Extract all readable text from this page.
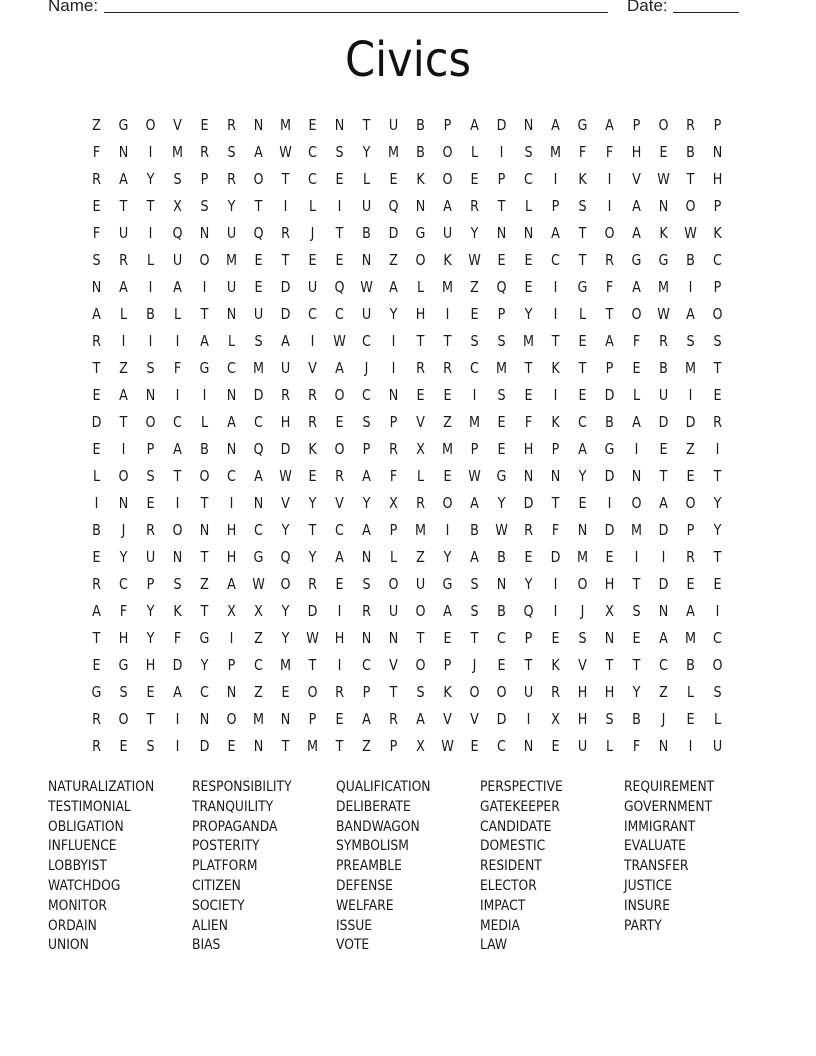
Name:	Date:
Civics
Z	G	O	V	E	R	N	M	E	N	T	U	B	P	A	D	N	A	G	A	P	O	R	P
F	N	I	M	R	S	A	W	C	S	Y	M	B	O	L	I	S	M	F	F	H	E	B	N
R	A	Y	S	P	R	O	T	C	E	L	E	K	O	E	P	C	I	K	I	V	W	T	H
E	T	T	X	S	Y	T	I	L	I	U	Q	N	A	R	T	L	P	S	I	A	N	O	P
F	U	I	Q	N	U	Q	R	J	T	B	D	G	U	Y	N	N	A	T	O	A	K	W	K
S	R	L	U	O	M	E	T	E	E	N	Z	O	K	W	E	E	C	T	R	G	G	B	C
N	A	I	A	I	U	E	D	U	Q	W	A	L	M	Z	Q	E	I	G	F	A	M	I	P
A	L	B	L	T	N	U	D	C	C	U	Y	H	I	E	P	Y	I	L	T	O	W	A	O
R	I	I	I	A	L	S	A	I	W	C	I	T	T	S	S	M	T	E	A	F	R	S	S
T	Z	S	F	G	C	M	U	V	A	J	I	R	R	C	M	T	K	T	P	E	B	M	T
E	A	N	I	I	N	D	R	R	O	C	N	E	E	I	S	E	I	E	D	L	U	I	E
D	T	O	C	L	A	C	H	R	E	S	P	V	Z	M	E	F	K	C	B	A	D	D	R
E	I	P	A	B	N	Q	D	K	O	P	R	X	M	P	E	H	P	A	G	I	E	Z	I
L	O	S	T	O	C	A	W	E	R	A	F	L	E	W	G	N	N	Y	D	N	T	E	T
I	N	E	I	T	I	N	V	Y	V	Y	X	R	O	A	Y	D	T	E	I	O	A	O	Y
B	J	R	O	N	H	C	Y	T	C	A	P	M	I	B	W	R	F	N	D	M	D	P	Y
E	Y	U	N	T	H	G	Q	Y	A	N	L	Z	Y	A	B	E	D	M	E	I	I	R	T
R	C	P	S	Z	A	W	O	R	E	S	O	U	G	S	N	Y	I	O	H	T	D	E	E
A	F	Y	K	T	X	X	Y	D	I	R	U	O	A	S	B	Q	I	J	X	S	N	A	I
T	H	Y	F	G	I	Z	Y	W	H	N	N	T	E	T	C	P	E	S	N	E	A	M	C
E	G	H	D	Y	P	C	M	T	I	C	V	O	P	J	E	T	K	V	T	T	C	B	O
G	S	E	A	C	N	Z	E	O	R	P	T	S	K	O	O	U	R	H	H	Y	Z	L	S
R	O	T	I	N	O	M	N	P	E	A	R	A	V	V	D	I	X	H	S	B	J	E	L
R	E	S	I	D	E	N	T	M	T	Z	P	X	W	E	C	N	E	U	L	F	N	I	U
NATURALIZATION
TESTIMONIAL
OBLIGATION
INFLUENCE
LOBBYIST
WATCHDOG
MONITOR
ORDAIN
UNION
RESPONSIBILITY
TRANQUILITY
PROPAGANDA
POSTERITY
PLATFORM
CITIZEN
SOCIETY
ALIEN
BIAS
QUALIFICATION
DELIBERATE
BANDWAGON
SYMBOLISM
PREAMBLE
DEFENSE
WELFARE
ISSUE
VOTE
PERSPECTIVE
GATEKEEPER
CANDIDATE
DOMESTIC
RESIDENT
ELECTOR
IMPACT
MEDIA
LAW
REQUIREMENT
GOVERNMENT
IMMIGRANT
EVALUATE
TRANSFER
JUSTICE
INSURE
PARTY
